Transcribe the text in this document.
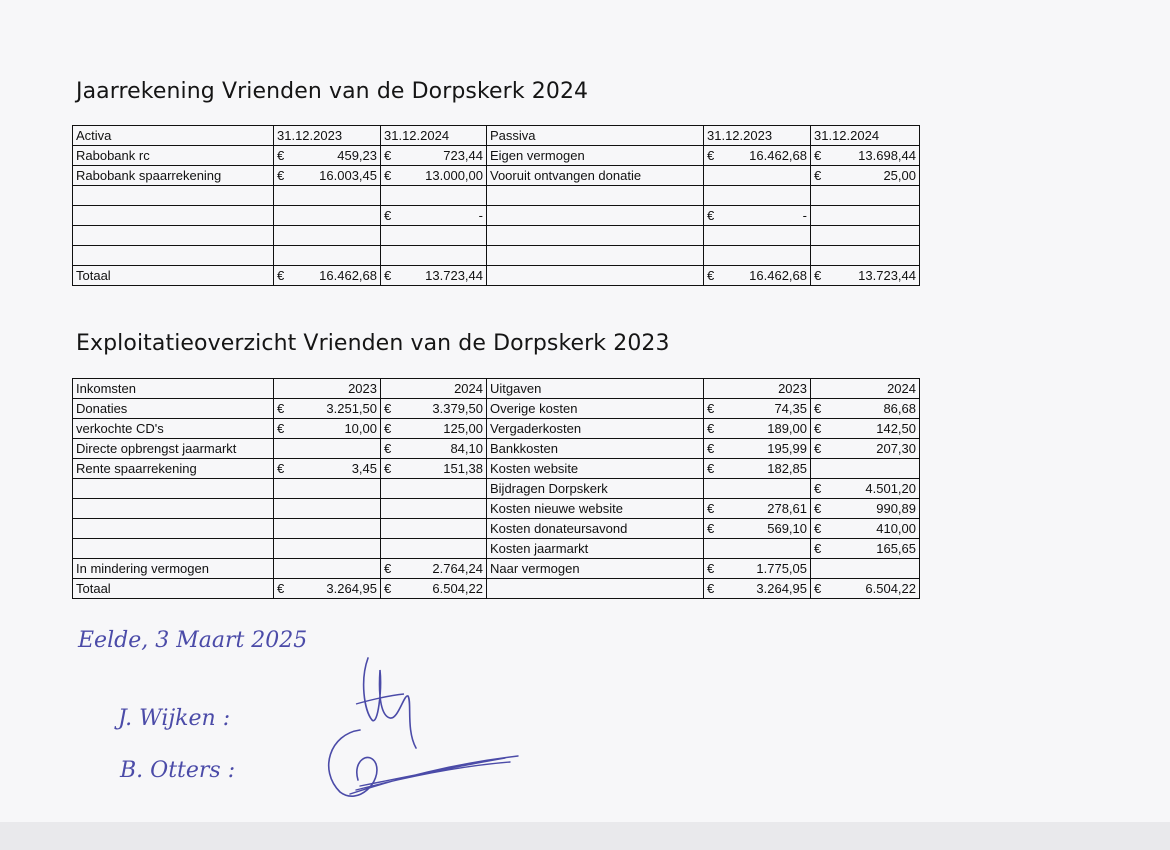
Jaarrekening Vrienden van de Dorpskerk 2024
Activa	31.12.2023	31.12.2024	Passiva	31.12.2023	31.12.2024
Rabobank rc	€ 459,23	€ 723,44	Eigen vermogen	€ 16.462,68	€ 13.698,44

Rabobank spaarrekening	€ 16.003,45	€ 13.000,00	Vooruit ontvangen donatie		€ 25,00

		€ -		€ -	

Totaal	€ 16.462,68	€ 13.723,44		€ 16.462,68	€ 13.723,44
Exploitatieoverzicht Vrienden van de Dorpskerk 2023
Inkomsten	2023	2024	Uitgaven	2023	2024
Donaties	€ 3.251,50	€ 3.379,50	Overige kosten	€ 74,35	€ 86,68

verkochte CD's	€ 10,00	€ 125,00	Vergaderkosten	€ 189,00	€ 142,50

Directe opbrengst jaarmarkt		€ 84,10	Bankkosten	€ 195,99	€ 207,30

Rente spaarrekening	€ 3,45	€ 151,38	Kosten website	€ 182,85	

			Bijdragen Dorpskerk		€ 4.501,20

			Kosten nieuwe website	€ 278,61	€ 990,89

			Kosten donateursavond	€ 569,10	€ 410,00

			Kosten jaarmarkt		€ 165,65

In mindering vermogen		€ 2.764,24	Naar vermogen	€ 1.775,05	

Totaal	€ 3.264,95	€ 6.504,22		€ 3.264,95	€ 6.504,22
Eelde, 3 Maart 2025
J. Wijken :
B. Otters :
